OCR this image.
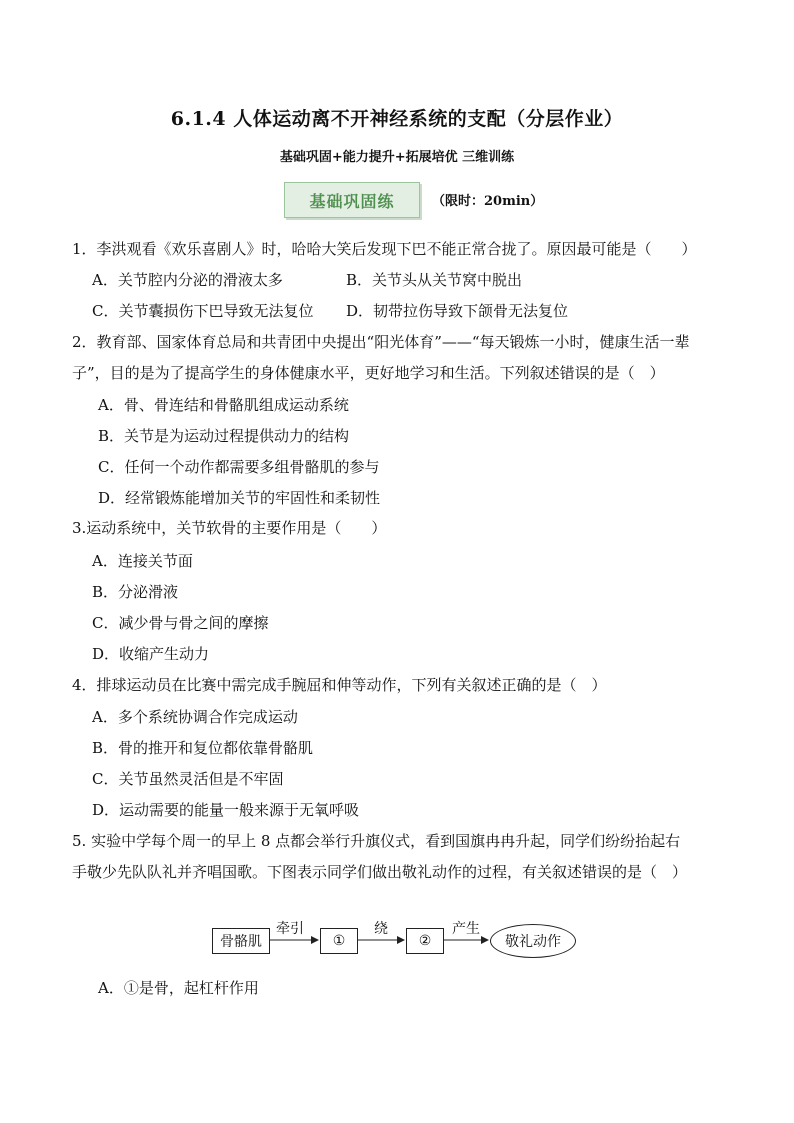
6.1.4 人体运动离不开神经系统的支配（分层作业）
基础巩固+能力提升+拓展培优 三维训练
基础巩固练	（限时：20min）
1．李洪观看《欢乐喜剧人》时，哈哈大笑后发现下巴不能正常合拢了。原因最可能是（　　）
A．关节腔内分泌的滑液太多	B．关节头从关节窝中脱出
C．关节囊损伤下巴导致无法复位 D．韧带拉伤导致下颌骨无法复位
2．教育部、国家体育总局和共青团中央提出“阳光体育”——“每天锻炼一小时，健康生活一辈
子”，目的是为了提高学生的身体健康水平，更好地学习和生活。下列叙述错误的是（　）
A．骨、骨连结和骨骼肌组成运动系统
B．关节是为运动过程提供动力的结构
C．任何一个动作都需要多组骨骼肌的参与
D．经常锻炼能增加关节的牢固性和柔韧性
3.运动系统中，关节软骨的主要作用是（　　）
A．连接关节面
B．分泌滑液
C．减少骨与骨之间的摩擦
D．收缩产生动力
4．排球运动员在比赛中需完成手腕屈和伸等动作，下列有关叙述正确的是（　）
A．多个系统协调合作完成运动
B．骨的推开和复位都依靠骨骼肌
C．关节虽然灵活但是不牢固
D．运动需要的能量一般来源于无氧呼吸
5. 实验中学每个周一的早上 8 点都会举行升旗仪式，看到国旗冉冉升起，同学们纷纷抬起右
手敬少先队队礼并齐唱国歌。下图表示同学们做出敬礼动作的过程，有关叙述错误的是（　）
骨骼肌
牵引
①
绕
②
产生
敬礼动作
A．①是骨，起杠杆作用
